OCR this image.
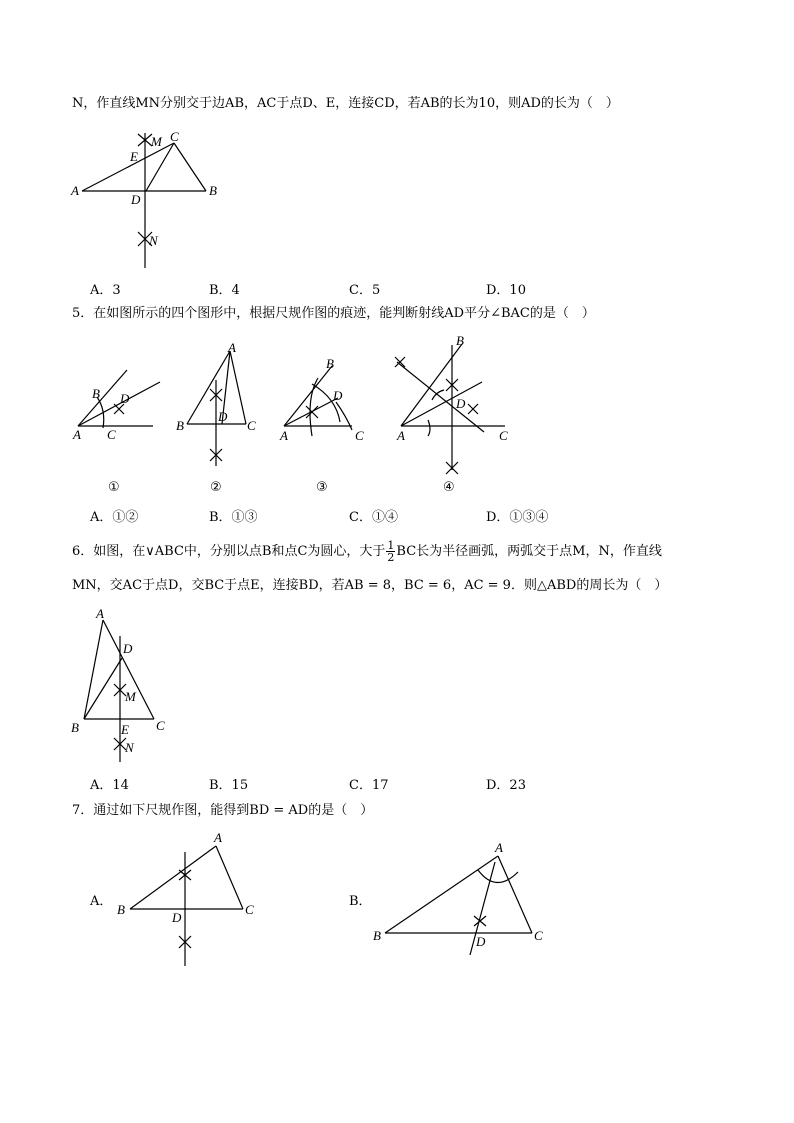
N，作直线MN分别交于边AB，AC于点D、E，连接CD，若AB的长为10，则AD的长为（　）
A	B
C
D
E
M
N
A．3	B．4	C．5	D．10
5．在如图所示的四个图形中，根据尺规作图的痕迹，能判断射线AD平分∠BAC的是（　）
A
B
C
D
A
B	C
D
A
B
C
D
A
B
C
D
①	②	③	④
A．①②	B．①③	C．①④	D．①③④
6．如图，在∨ABC中，分别以点B和点C为圆心，大于 $\frac{1}{2}$ BC长为半径画弧，两弧交于点M，N，作直线
MN，交AC于点D，交BC于点E，连接BD，若AB = 8，BC = 6，AC = 9．则△ABD的周长为（　）
A
B	C
D
E
M
N
A．14	B．15	C．17	D．23
7．通过如下尺规作图，能得到BD = AD的是（　）
A．	B．
A
B	C
D
A
B	C
D
